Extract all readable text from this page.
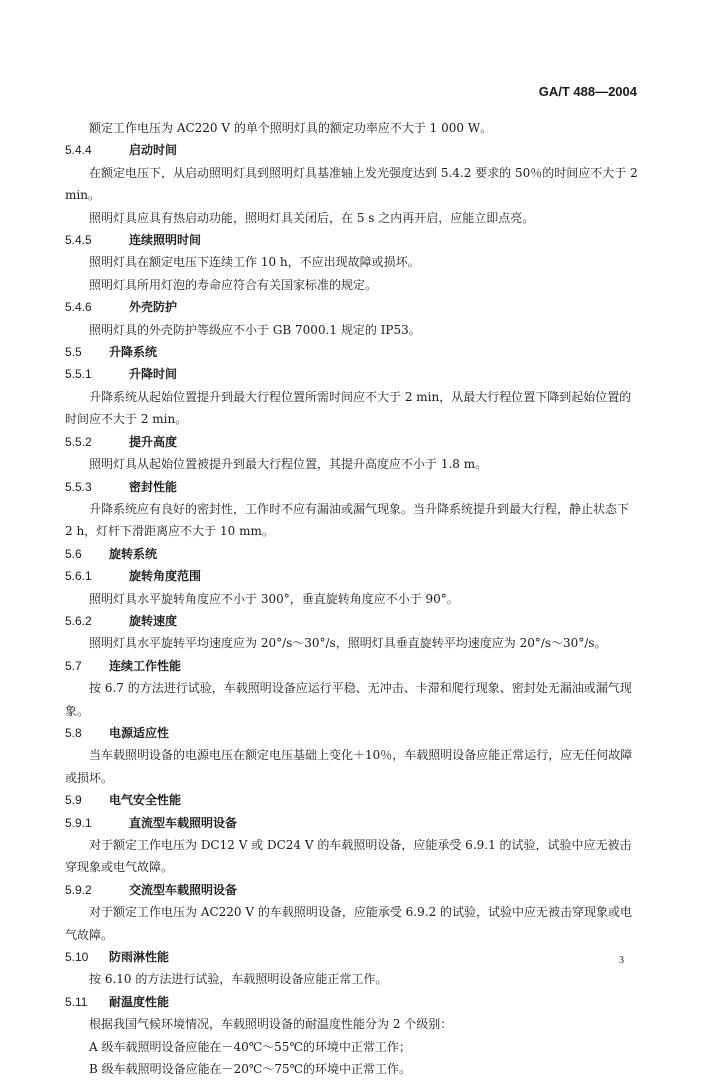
GA/T 488—2004
额定工作电压为 AC220 V 的单个照明灯具的额定功率应不大于 1 000 W。
5.4.4	启动时间
在额定电压下，从启动照明灯具到照明灯具基准轴上发光强度达到 5.4.2 要求的 50％的时间应不大于 2 min。
照明灯具应具有热启动功能，照明灯具关闭后，在 5 s 之内再开启，应能立即点亮。
5.4.5	连续照明时间
照明灯具在额定电压下连续工作 10 h，不应出现故障或损坏。
照明灯具所用灯泡的寿命应符合有关国家标准的规定。
5.4.6	外壳防护
照明灯具的外壳防护等级应不小于 GB 7000.1 规定的 IP53。
5.5 升降系统
5.5.1	升降时间
升降系统从起始位置提升到最大行程位置所需时间应不大于 2 min，从最大行程位置下降到起始位置的时间应不大于 2 min。
5.5.2	提升高度
照明灯具从起始位置被提升到最大行程位置，其提升高度应不小于 1.8 m。
5.5.3	密封性能
升降系统应有良好的密封性，工作时不应有漏油或漏气现象。当升降系统提升到最大行程，静止状态下 2 h，灯杆下滑距离应不大于 10 mm。
5.6 旋转系统
5.6.1	旋转角度范围
照明灯具水平旋转角度应不小于 300°，垂直旋转角度应不小于 90°。
5.6.2	旋转速度
照明灯具水平旋转平均速度应为 20°/s～30°/s，照明灯具垂直旋转平均速度应为 20°/s～30°/s。
5.7 连续工作性能
按 6.7 的方法进行试验，车载照明设备应运行平稳、无冲击、卡滞和爬行现象、密封处无漏油或漏气现象。
5.8 电源适应性
当车载照明设备的电源电压在额定电压基础上变化＋10％，车载照明设备应能正常运行，应无任何故障或损坏。
5.9 电气安全性能
5.9.1	直流型车载照明设备
对于额定工作电压为 DC12 V 或 DC24 V 的车载照明设备，应能承受 6.9.1 的试验，试验中应无被击穿现象或电气故障。
5.9.2	交流型车载照明设备
对于额定工作电压为 AC220 V 的车载照明设备，应能承受 6.9.2 的试验，试验中应无被击穿现象或电气故障。
5.10 防雨淋性能
按 6.10 的方法进行试验，车载照明设备应能正常工作。
5.11 耐温度性能
根据我国气候环境情况，车载照明设备的耐温度性能分为 2 个级别：
A 级车载照明设备应能在－40℃～55℃的环境中正常工作；
B 级车载照明设备应能在－20℃～75℃的环境中正常工作。
3
